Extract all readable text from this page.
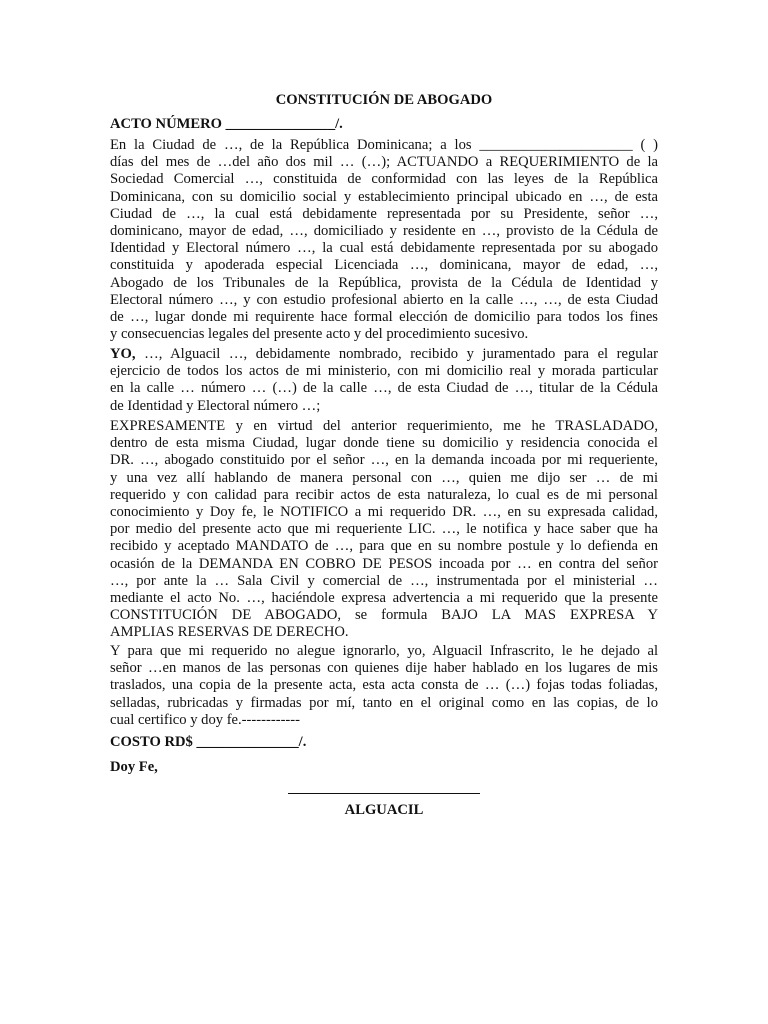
CONSTITUCIÓN DE ABOGADO
ACTO NÚMERO _______________/.
En la Ciudad de …, de la República Dominicana; a los _____________________ ( )
días del mes de …del año dos mil … (…); ACTUANDO a REQUERIMIENTO de la
Sociedad Comercial …, constituida de conformidad con las leyes de la República
Dominicana, con su domicilio social y establecimiento principal ubicado en …, de esta
Ciudad de …, la cual está debidamente representada por su Presidente, señor …,
dominicano, mayor de edad, …, domiciliado y residente en …, provisto de la Cédula de
Identidad y Electoral número …, la cual está debidamente representada por su abogado
constituida y apoderada especial Licenciada …, dominicana, mayor de edad, …,
Abogado de los Tribunales de la República, provista de la Cédula de Identidad y
Electoral número …, y con estudio profesional abierto en la calle …, …, de esta Ciudad
de …, lugar donde mi requirente hace formal elección de domicilio para todos los fines
y consecuencias legales del presente acto y del procedimiento sucesivo.
YO, …, Alguacil …, debidamente nombrado, recibido y juramentado para el regular
ejercicio de todos los actos de mi ministerio, con mi domicilio real y morada particular
en la calle … número … (…) de la calle …, de esta Ciudad de …, titular de la Cédula
de Identidad y Electoral número …;
EXPRESAMENTE y en virtud del anterior requerimiento, me he TRASLADADO,
dentro de esta misma Ciudad, lugar donde tiene su domicilio y residencia conocida el
DR. …, abogado constituido por el señor …, en la demanda incoada por mi requeriente,
y una vez allí hablando de manera personal con …, quien me dijo ser … de mi
requerido y con calidad para recibir actos de esta naturaleza, lo cual es de mi personal
conocimiento y Doy fe, le NOTIFICO a mi requerido DR. …, en su expresada calidad,
por medio del presente acto que mi requeriente LIC. …, le notifica y hace saber que ha
recibido y aceptado MANDATO de …, para que en su nombre postule y lo defienda en
ocasión de la DEMANDA EN COBRO DE PESOS incoada por … en contra del señor
…, por ante la … Sala Civil y comercial de …, instrumentada por el ministerial …
mediante el acto No. …, haciéndole expresa advertencia a mi requerido que la presente
CONSTITUCIÓN DE ABOGADO, se formula BAJO LA MAS EXPRESA Y
AMPLIAS RESERVAS DE DERECHO.
Y para que mi requerido no alegue ignorarlo, yo, Alguacil Infrascrito, le he dejado al
señor …en manos de las personas con quienes dije haber hablado en los lugares de mis
traslados, una copia de la presente acta, esta acta consta de … (…) fojas todas foliadas,
selladas, rubricadas y firmadas por mí, tanto en el original como en las copias, de lo
cual certifico y doy fe.------------
COSTO RD$ ______________/.
Doy Fe,
ALGUACIL
